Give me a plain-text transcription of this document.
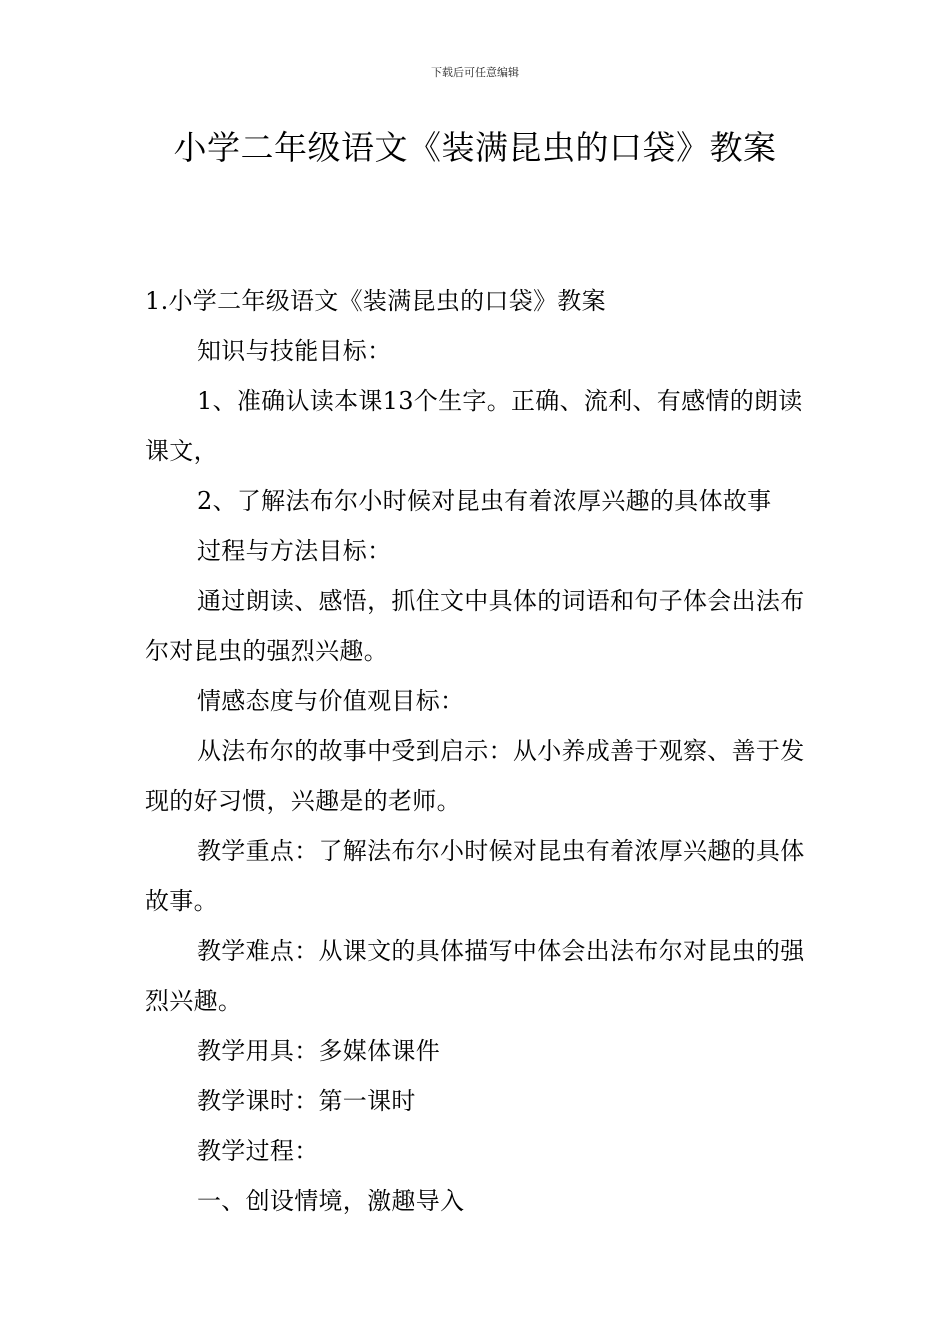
下载后可任意编辑
小学二年级语文《装满昆虫的口袋》教案

1.小学二年级语文《装满昆虫的口袋》教案

知识与技能目标：

1、准确认读本课13个生字。正确、流利、有感情的朗读课文，

2、了解法布尔小时候对昆虫有着浓厚兴趣的具体故事

过程与方法目标：

通过朗读、感悟，抓住文中具体的词语和句子体会出法布尔对昆虫的强烈兴趣。

情感态度与价值观目标：

从法布尔的故事中受到启示：从小养成善于观察、善于发现的好习惯，兴趣是的老师。

教学重点：了解法布尔小时候对昆虫有着浓厚兴趣的具体故事。

教学难点：从课文的具体描写中体会出法布尔对昆虫的强烈兴趣。

教学用具：多媒体课件

教学课时：第一课时

教学过程：

一、创设情境，激趣导入
